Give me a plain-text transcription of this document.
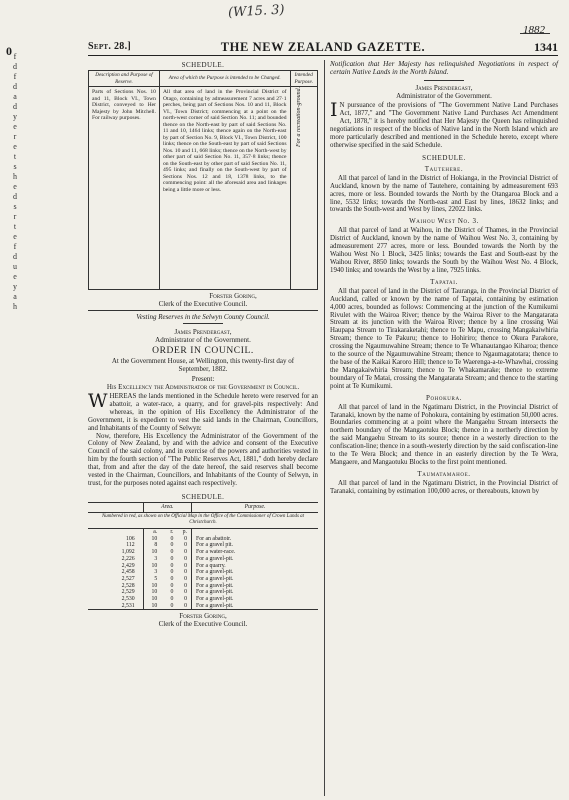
(W15. 3)
1882
0 f
d
f
d
a
d
y
e
r
e
t
s
h
e
d
s
r
t
e
f
d
u
e
y
a
h
Sept. 28.]	THE NEW ZEALAND GAZETTE.	1341
SCHEDULE.
Description and Purpose of Reserve.	Area of which the Purpose is intended to be Changed.	Intended Purpose.
Parts of Sections Nos. 10 and 11, Block VI., Town District, conveyed to Her Majesty by John Mitchell. For railway purposes.	All that area of land in the Provincial District of Otago, containing by admeasurement 7 acres and 27·1 perches, being part of Sections Nos. 10 and 11, Block VI., Town District; commencing at a point on the north-west corner of said Section No. 11; and bounded thence on the North-east by part of said Sections No. 11 and 10, 1464 links; thence again on the North-east by part of Section No. 9, Block VI., Town District, 100 links; thence on the South-east by part of said Sections Nos. 10 and 11, 668 links; thence on the North-west by other part of said Section No. 11, 357·8 links; thence on the South-east by other part of said Section No. 11, 495 links; and finally on the South-west by part of Sections Nos. 12 and 18, 1378 links, to the commencing point: all the aforesaid area and linkages being a little more or less.	For a recreation-ground.
Forster Goring,
Clerk of the Executive Council.
Vesting Reserves in the Selwyn County Council.
James Prendergast,
Administrator of the Government.
ORDER IN COUNCIL.
At the Government House, at Wellington, this twenty-first day of September, 1882.
Present:
His Excellency the Administrator of the Government in Council.
WHEREAS the lands mentioned in the Schedule hereto were reserved for an abattoir, a water-race, a quarry, and for gravel-pits respectively: And whereas, in the opinion of His Excellency the Administrator of the Government, it is expedient to vest the said lands in the Chairman, Councillors, and Inhabitants of the County of Selwyn:
Now, therefore, His Excellency the Administrator of the Government of the Colony of New Zealand, by and with the advice and consent of the Executive Council of the said colony, and in exercise of the powers and authorities vested in him by the fourth section of "The Public Reserves Act, 1881," doth hereby declare that, from and after the day of the date hereof, the said reserves shall become vested in the Chairman, Councillors, and Inhabitants of the County of Selwyn, in trust, for the purposes noted against each respectively.
SCHEDULE.
	Area.			Purpose.
Numbered in red, as shown on the Official Map in the Office of the Commissioner of Crown Lands at Christchurch.				
	a.	r.	p.	
106	10	0	0	For an abattoir.
112	8	0	0	For a gravel pit.
1,092	10	0	0	For a water-race.
2,226	3	0	0	For a gravel-pit.
2,429	10	0	0	For a quarry.
2,458	3	0	0	For a gravel-pit.
2,527	5	0	0	For a gravel-pit.
2,528	10	0	0	For a gravel-pit.
2,529	10	0	0	For a gravel-pit.
2,530	10	0	0	For a gravel-pit.
2,531	10	0	0	For a gravel-pit.
Forster Goring,
Clerk of the Executive Council.
Notification that Her Majesty has relinquished Negotiations in respect of certain Native Lands in the North Island.
James Prendergast,
Administrator of the Government.
I N pursuance of the provisions of "The Government Native Land Purchases Act, 1877," and "The Government Native Land Purchases Act Amendment Act, 1878," it is hereby notified that Her Majesty the Queen has relinquished negotiations in respect of the blocks of Native land in the North Island which are more particularly described and mentioned in the Schedule hereto, except where otherwise specified in the said Schedule.
SCHEDULE.
Tautehere.
All that parcel of land in the District of Hokianga, in the Provincial District of Auckland, known by the name of Tautehere, containing by admeasurement 693 acres, more or less. Bounded towards the North by the Otangaroa Block and a line, 5532 links; towards the North-east and East by lines, 18632 links; and towards the South-west and West by lines, 22022 links.
Waihou West No. 3.
All that parcel of land at Waihou, in the District of Thames, in the Provincial District of Auckland, known by the name of Waihou West No. 3, containing by admeasurement 277 acres, more or less. Bounded towards the North by the Waihou West No 1 Block, 3425 links; towards the East and South-east by the Waihou River, 8850 links; towards the South by the Waihou West No. 4 Block, 1940 links; and towards the West by a line, 7925 links.
Tapatai.
All that parcel of land in the District of Tauranga, in the Provincial District of Auckland, called or known by the name of Tapatai, containing by estimation 4,000 acres, bounded as follows: Commencing at the junction of the Kumikumi Rivulet with the Wairoa River; thence by the Wairoa River to the Mangatarata Stream at its junction with the Wairoa River; thence by a line crossing Wai Haupapa Stream to Tirakaraketahi; thence to Te Mapu, crossing Mangakaiwhiria Stream; thence to Te Pakuru; thence to Hohiriro; thence to Okura Parakore, crossing the Ngaumuwahine Stream; thence to Te Whanautangao Kiharoa; thence to the source of the Ngaumuwahine Stream; thence to Ngaumagatotara; thence to the base of the Kaikai Karoro Hill; thence to Te Waerenga-a-te-Whawhai, crossing the Mangakaiwhiria Stream; thence to Te Whakamarake; thence to extreme boundary of Te Matai, crossing the Mangatarata Stream; and thence to the starting point at Te Kumikumi.
Pohokura.
All that parcel of land in the Ngatimaru District, in the Provincial District of Taranaki, known by the name of Pohokura, containing by estimation 50,000 acres. Boundaries commencing at a point where the Mangaehu Stream intersects the northern boundary of the Mangaotuku Block; thence in a northerly direction by the said Mangaehu Stream to its source; thence in a westerly direction to the confiscation-line; thence in a south-westerly direction by the said confiscation-line to the Te Wera Block; and thence in an easterly direction by the Te Wera, Mangaere, and Mangaotuku Blocks to the first point mentioned.
Taumatamahoe.
All that parcel of land in the Ngatimaru District, in the Provincial District of Taranaki, containing by estimation 100,000 acres, or thereabouts, known by
